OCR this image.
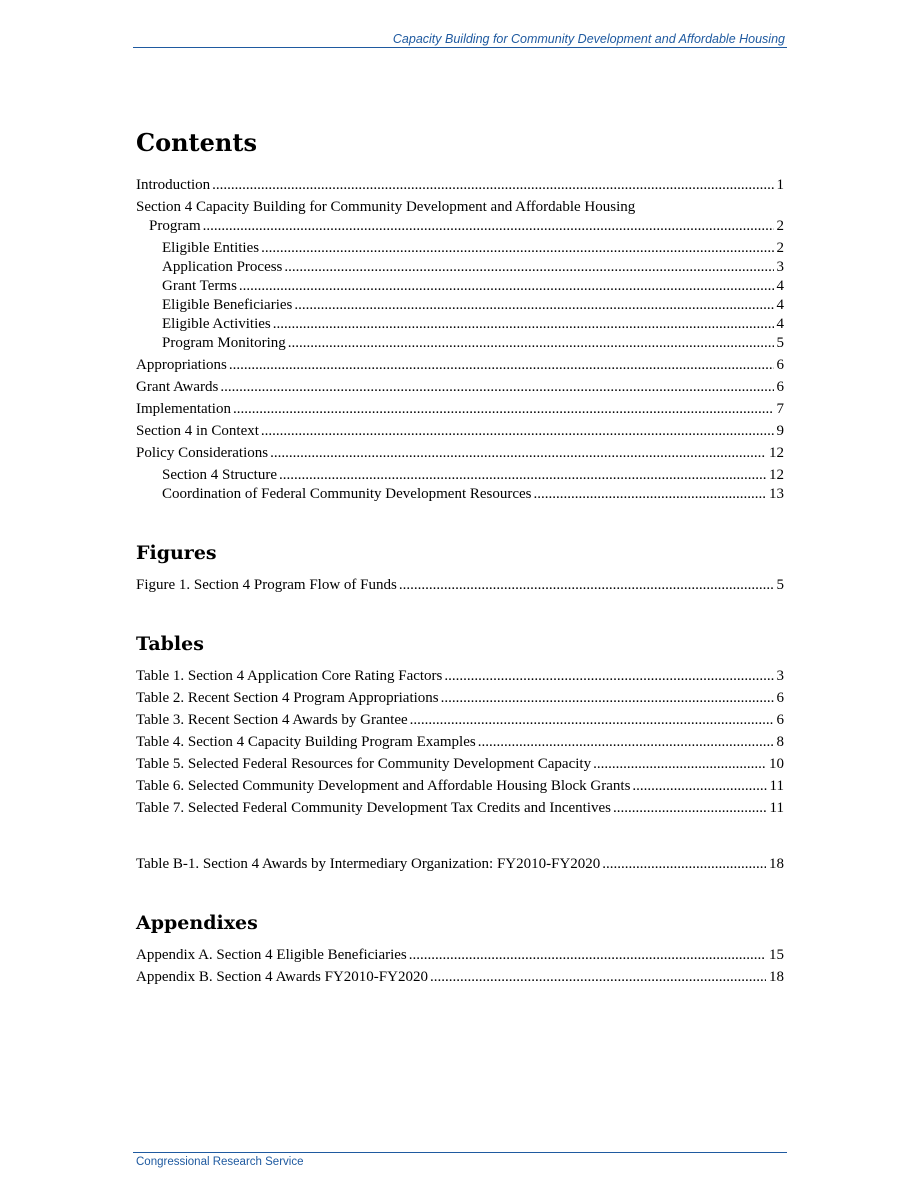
Capacity Building for Community Development and Affordable Housing
Contents
Introduction .....	1
Section 4 Capacity Building for Community Development and Affordable Housing
Program .....	2
Eligible Entities .....	2
Application Process .....	3
Grant Terms .....	4
Eligible Beneficiaries .....	4
Eligible Activities .....	4
Program Monitoring .....	5
Appropriations .....	6
Grant Awards .....	6
Implementation .....	7
Section 4 in Context .....	9
Policy Considerations .....	12
Section 4 Structure .....	12
Coordination of Federal Community Development Resources .....	13
Figures
Figure 1. Section 4 Program Flow of Funds .....	5
Tables
Table 1. Section 4 Application Core Rating Factors .....	3
Table 2. Recent Section 4 Program Appropriations .....	6
Table 3. Recent Section 4 Awards by Grantee .....	6
Table 4. Section 4 Capacity Building Program Examples .....	8
Table 5. Selected Federal Resources for Community Development Capacity .....	10
Table 6. Selected Community Development and Affordable Housing Block Grants .....	11
Table 7. Selected Federal Community Development Tax Credits and Incentives .....	11
Table B-1. Section 4 Awards by Intermediary Organization: FY2010-FY2020 .....	18
Appendixes
Appendix A. Section 4 Eligible Beneficiaries .....	15
Appendix B. Section 4 Awards FY2010-FY2020 .....	18
Congressional Research Service
